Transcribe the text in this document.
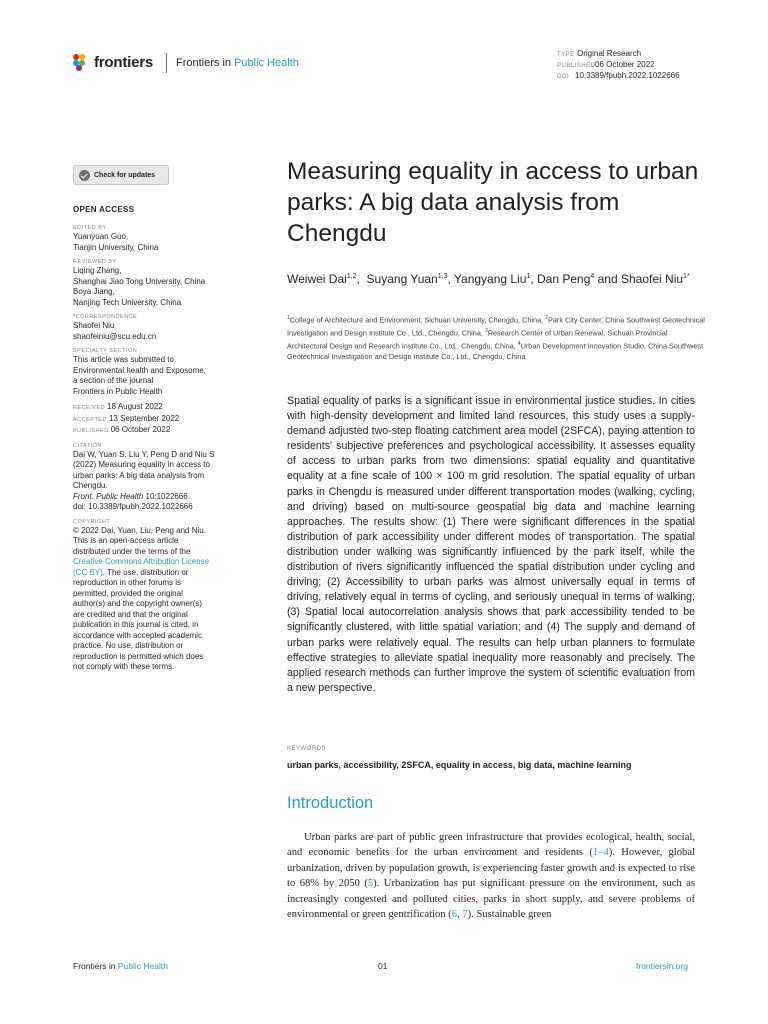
frontiers Frontiers in Public Health
TYPE Original Research
PUBLISHED 06 October 2022
DOI 10.3389/fpubh.2022.1022666
Check for updates
OPEN ACCESS
EDITED BY
Yuanyuan Guo,
Tianjin University, China
REVIEWED BY
Liqing Zhang,
Shanghai Jiao Tong University, China
Boya Jiang,
Nanjing Tech University, China
*CORRESPONDENCE
Shaofei Niu
shaofeiniu@scu.edu.cn
SPECIALTY SECTION
This article was submitted to
Environmental health and Exposome,
a section of the journal
Frontiers in Public Health
RECEIVED 18 August 2022
ACCEPTED 13 September 2022
PUBLISHED 06 October 2022
CITATION
Dai W, Yuan S, Liu Y, Peng D and Niu S
(2022) Measuring equality in access to
urban parks: A big data analysis from
Chengdu.
Front. Public Health 10:1022666.
doi: 10.3389/fpubh.2022.1022666
COPYRIGHT
© 2022 Dai, Yuan, Liu, Peng and Niu.
This is an open-access article
distributed under the terms of the
Creative Commons Attribution License
(CC BY). The use, distribution or
reproduction in other forums is
permitted, provided the original
author(s) and the copyright owner(s)
are credited and that the original
publication in this journal is cited, in
accordance with accepted academic
practice. No use, distribution or
reproduction is permitted which does
not comply with these terms.
Measuring equality in access to urban parks: A big data analysis from Chengdu
Weiwei Dai$^{1,2}$,  Suyang Yuan$^{1,3}$, Yangyang Liu$^1$, Dan Peng$^4$ and Shaofei Niu$^{1*}$
$^1$College of Architecture and Environment, Sichuan University, Chengdu, China, $^2$Park City Center, China Southwest Geotechnical Investigation and Design Institute Co., Ltd., Chengdu, China, $^3$Research Center of Urban Renewal, Sichuan Provincial Architectural Design and Research Institute Co., Ltd., Chengdu, China, $^4$Urban Development Innovation Studio, China Southwest Geotechnical Investigation and Design Institute Co., Ltd., Chengdu, China

Spatial equality of parks is a significant issue in environmental justice studies. In cities with high-density development and limited land resources, this study uses a supply-demand adjusted two-step floating catchment area model (2SFCA), paying attention to residents' subjective preferences and psychological accessibility. It assesses equality of access to urban parks from two dimensions: spatial equality and quantitative equality at a fine scale of 100 × 100 m grid resolution. The spatial equality of urban parks in Chengdu is measured under different transportation modes (walking, cycling, and driving) based on multi-source geospatial big data and machine learning approaches. The results show: (1) There were significant differences in the spatial distribution of park accessibility under different modes of transportation. The spatial distribution under walking was significantly influenced by the park itself, while the distribution of rivers significantly influenced the spatial distribution under cycling and driving; (2) Accessibility to urban parks was almost universally equal in terms of driving, relatively equal in terms of cycling, and seriously unequal in terms of walking; (3) Spatial local autocorrelation analysis shows that park accessibility tended to be significantly clustered, with little spatial variation; and (4) The supply and demand of urban parks were relatively equal. The results can help urban planners to formulate effective strategies to alleviate spatial inequality more reasonably and precisely. The applied research methods can further improve the system of scientific evaluation from a new perspective.

KEYWORDS
urban parks, accessibility, 2SFCA, equality in access, big data, machine learning
Introduction

Urban parks are part of public green infrastructure that provides ecological, health, social, and economic benefits for the urban environment and residents (1–4). However, global urbanization, driven by population growth, is experiencing faster growth and is expected to rise to 68% by 2050 (5). Urbanization has put significant pressure on the environment, such as increasingly congested and polluted cities, parks in short supply, and severe problems of environmental or green gentrification (6, 7). Sustainable green

Frontiers in Public Health	01	frontiersin.org
